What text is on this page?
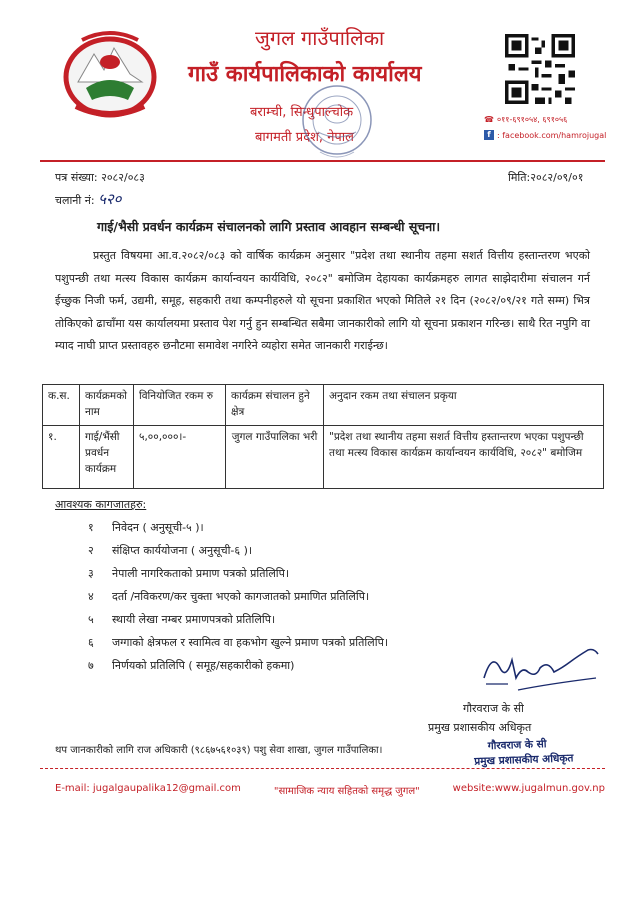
जुगल गाउँपालिका
गाउँ कार्यपालिकाको कार्यालय
बराम्ची, सिन्धुपाल्चोक
बागमती प्रदेश, नेपाल
☎ ०११-६९१०५४, ६९१०५६
f : facebook.com/hamrojugal
पत्र संख्या: २०८२/०८३
चलानी नं: ५२०
मिति:२०८२/०९/०१
गाई/भैसी प्रवर्धन कार्यक्रम संचालनको लागि प्रस्ताव आवहान सम्बन्धी सूचना।
प्रस्तुत विषयमा आ.व.२०८२/०८३ को वार्षिक कार्यक्रम अनुसार "प्रदेश तथा स्थानीय तहमा सशर्त वित्तीय हस्तान्तरण भएको पशुपन्छी तथा मत्स्य विकास कार्यक्रम कार्यान्वयन कार्यविधि, २०८२" बमोजिम देहायका कार्यक्रमहरु लागत साझेदारीमा संचालन गर्न ईच्छुक निजी फर्म, उद्यमी, समूह, सहकारी तथा कम्पनीहरुले यो सूचना प्रकाशित भएको मितिले २१ दिन (२०८२/०९/२१ गते सम्म) भित्र तोकिएको ढाचाँमा यस कार्यालयमा प्रस्ताव पेश गर्नु हुन सम्बन्धित सबैमा जानकारीको लागि यो सूचना प्रकाशन गरिन्छ। साथै रित नपुगि वा म्याद नाघी प्राप्त प्रस्तावहरु छनौटमा समावेश नगरिने व्यहोरा समेत जानकारी गराईन्छ।
क.स.	कार्यक्रमको नाम	विनियोजित रकम रु	कार्यक्रम संचालन हुने क्षेत्र	अनुदान रकम तथा संचालन प्रकृया
१.	गाई/भैंसी प्रवर्धन कार्यक्रम	५,००,०००।-	जुगल गाउँपालिका भरी	"प्रदेश तथा स्थानीय तहमा सशर्त वित्तीय हस्तान्तरण भएका पशुपन्छी तथा मत्स्य विकास कार्यक्रम कार्यान्वयन कार्यविधि, २०८२" बमोजिम
आवश्यक कागजातहरु:
१	निवेदन ( अनुसूची-५ )।
२	संक्षिप्त कार्ययोजना ( अनुसूची-६ )।
३	नेपाली नागरिकताको प्रमाण पत्रको प्रतिलिपि।
४	दर्ता /नविकरण/कर चुक्ता भएको कागजातको प्रमाणित प्रतिलिपि।
५	स्थायी लेखा नम्बर प्रमाणपत्रको प्रतिलिपि।
६	जग्गाको क्षेत्रफल र स्वामित्व वा हकभोग खुल्ने प्रमाण पत्रको प्रतिलिपि।
७	निर्णयको प्रतिलिपि ( समूह/सहकारीको हकमा)
गौरवराज के सी
प्रमुख प्रशासकीय अधिकृत
गौरवराज के सी
प्रमुख प्रशासकीय अधिकृत
थप जानकारीको लागि राज अधिकारी (९८६७५६१०३९) पशु सेवा शाखा, जुगल गाउँपालिका।
E-mail: jugalgaupalika12@gmail.com	"सामाजिक न्याय सहितको समृद्ध जुगल"	website:www.jugalmun.gov.np
